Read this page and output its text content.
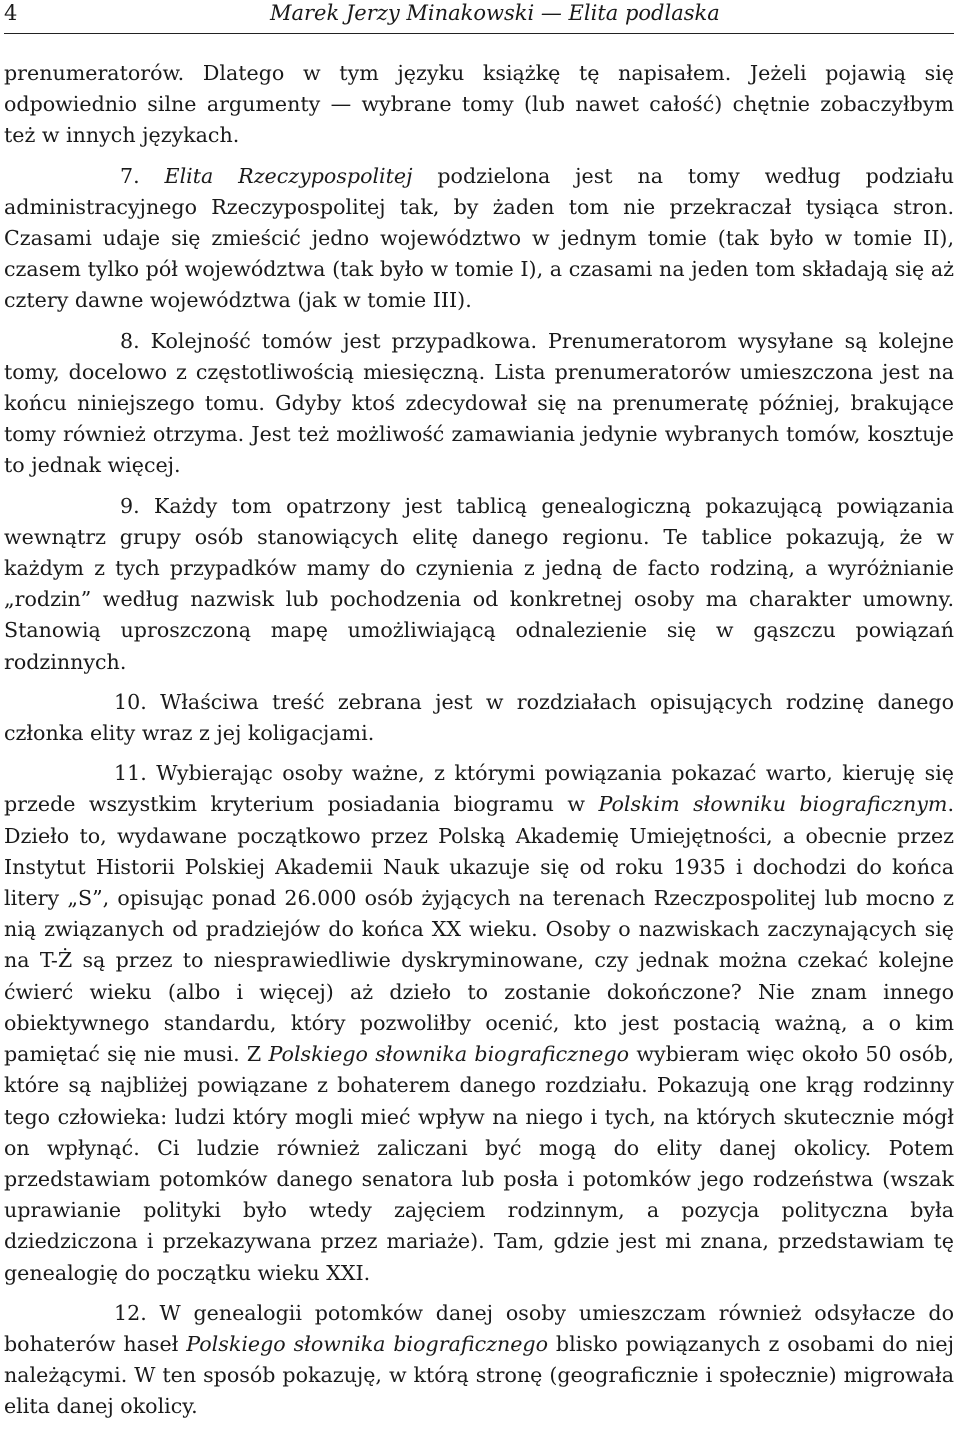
4	Marek Jerzy Minakowski — Elita podlaska

prenumeratorów. Dlatego w tym języku książkę tę napisałem. Jeżeli pojawią się odpowiednio silne argumenty — wybrane tomy (lub nawet całość) chętnie zobaczyłbym też w innych językach.

7. Elita Rzeczypospolitej podzielona jest na tomy według podziału administracyjnego Rzeczypospolitej tak, by żaden tom nie przekraczał tysiąca stron. Czasami udaje się zmieścić jedno województwo w jednym tomie (tak było w tomie II), czasem tylko pół województwa (tak było w tomie I), a czasami na jeden tom składają się aż cztery dawne województwa (jak w tomie III).

8. Kolejność tomów jest przypadkowa. Prenumeratorom wysyłane są kolejne tomy, docelowo z częstotliwością miesięczną. Lista prenumeratorów umieszczona jest na końcu niniejszego tomu. Gdyby ktoś zdecydował się na prenumeratę później, brakujące tomy również otrzyma. Jest też możliwość zamawiania jedynie wybranych tomów, kosztuje to jednak więcej.

9. Każdy tom opatrzony jest tablicą genealogiczną pokazującą powiązania wewnątrz grupy osób stanowiących elitę danego regionu. Te tablice pokazują, że w każdym z tych przypadków mamy do czynienia z jedną de facto rodziną, a wyróżnianie „rodzin” według nazwisk lub pochodzenia od konkretnej osoby ma charakter umowny. Stanowią uproszczoną mapę umożliwiającą odnalezienie się w gąszczu powiązań rodzinnych.

10. Właściwa treść zebrana jest w rozdziałach opisujących rodzinę danego członka elity wraz z jej koligacjami.

11. Wybierając osoby ważne, z którymi powiązania pokazać warto, kieruję się przede wszystkim kryterium posiadania biogramu w Polskim słowniku biograficznym. Dzieło to, wydawane początkowo przez Polską Akademię Umiejętności, a obecnie przez Instytut Historii Polskiej Akademii Nauk ukazuje się od roku 1935 i dochodzi do końca litery „S”, opisując ponad 26.000 osób żyjących na terenach Rzeczpospolitej lub mocno z nią związanych od pradziejów do końca XX wieku. Osoby o nazwiskach zaczynających się na T-Ż są przez to niesprawiedliwie dyskryminowane, czy jednak można czekać kolejne ćwierć wieku (albo i więcej) aż dzieło to zostanie dokończone? Nie znam innego obiektywnego standardu, który pozwoliłby ocenić, kto jest postacią ważną, a o kim pamiętać się nie musi. Z Polskiego słownika biograficznego wybieram więc około 50 osób, które są najbliżej powiązane z bohaterem danego rozdziału. Pokazują one krąg rodzinny tego człowieka: ludzi który mogli mieć wpływ na niego i tych, na których skutecznie mógł on wpłynąć. Ci ludzie również zaliczani być mogą do elity danej okolicy. Potem przedstawiam potomków danego senatora lub posła i potomków jego rodzeństwa (wszak uprawianie polityki było wtedy zajęciem rodzinnym, a pozycja polityczna była dziedziczona i przekazywana przez mariaże). Tam, gdzie jest mi znana, przedstawiam tę genealogię do początku wieku XXI.

12. W genealogii potomków danej osoby umieszczam również odsyłacze do bohaterów haseł Polskiego słownika biograficznego blisko powiązanych z osobami do niej należącymi. W ten sposób pokazuję, w którą stronę (geograficznie i społecznie) migrowała elita danej okolicy.
